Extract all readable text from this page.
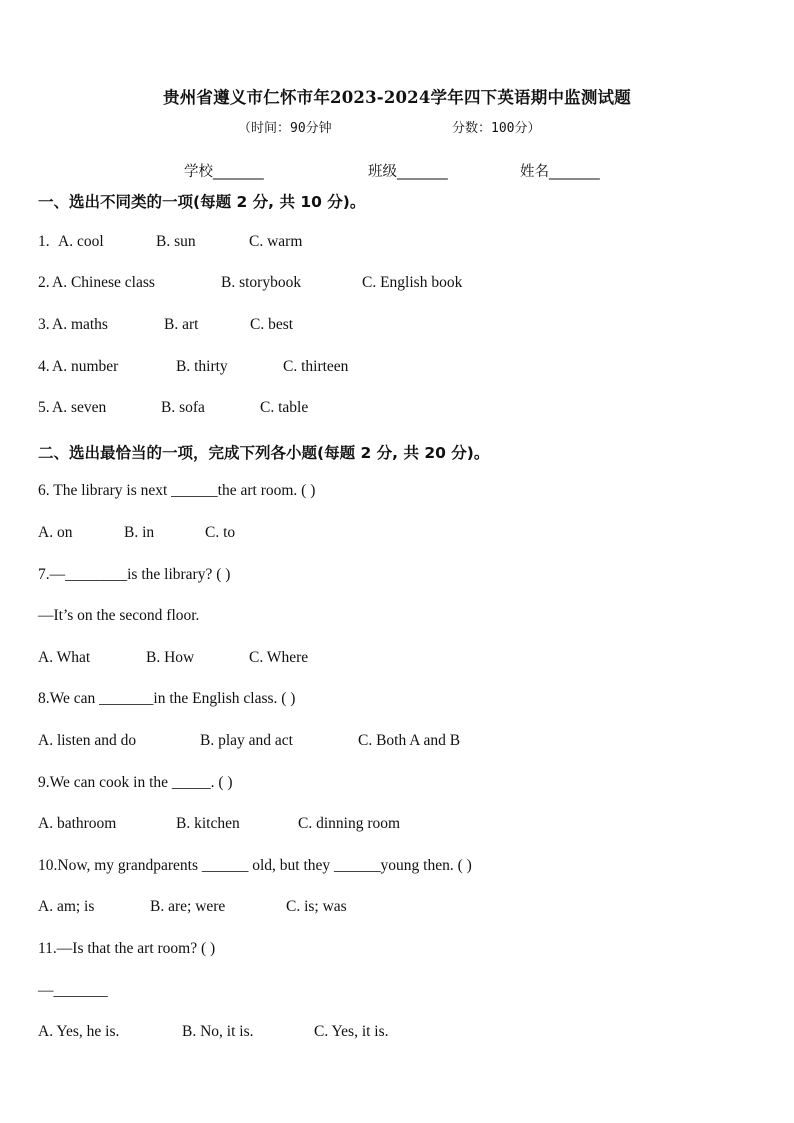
贵州省遵义市仁怀市年2023-2024学年四下英语期中监测试题
（时间：90分钟	分数：100分）
学校_______	班级_______	姓名_______
一、选出不同类的一项(每题 2 分, 共 10 分)。
1. A. cool	B. sun	C. warm
2. A. Chinese class	B. storybook	C. English book
3. A. maths	B. art	C. best
4. A. number	B. thirty	C. thirteen
5. A. seven	B. sofa	C. table
二、选出最恰当的一项，完成下列各小题(每题 2 分, 共 20 分)。
6. The library is next ______the art room. ( )
A. on	B. in	C. to
7.—________is the library? ( )
—It’s on the second floor.
A. What	B. How	C. Where
8.We can _______in the English class. ( )
A. listen and do	B. play and act	C. Both A and B
9.We can cook in the _____. ( )
A. bathroom	B. kitchen	C. dinning room
10.Now, my grandparents ______ old, but they ______young then. ( )
A. am; is	B. are; were	C. is; was
11.—Is that the art room? ( )
—_______
A. Yes, he is.	B. No, it is.	C. Yes, it is.
